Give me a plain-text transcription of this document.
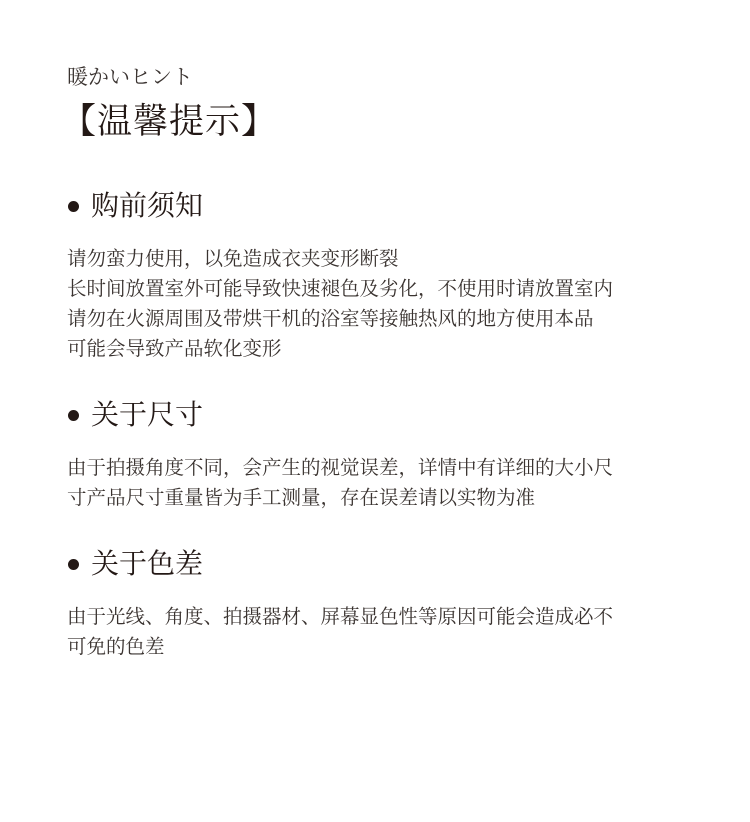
暖かいヒント
【温馨提示】
购前须知
请勿蛮力使用，以免造成衣夹变形断裂
长时间放置室外可能导致快速褪色及劣化，不使用时请放置室内
请勿在火源周围及带烘干机的浴室等接触热风的地方使用本品
可能会导致产品软化变形
关于尺寸
由于拍摄角度不同，会产生的视觉误差，详情中有详细的大小尺
寸产品尺寸重量皆为手工测量，存在误差请以实物为准
关于色差
由于光线、角度、拍摄器材、屏幕显色性等原因可能会造成必不
可免的色差
